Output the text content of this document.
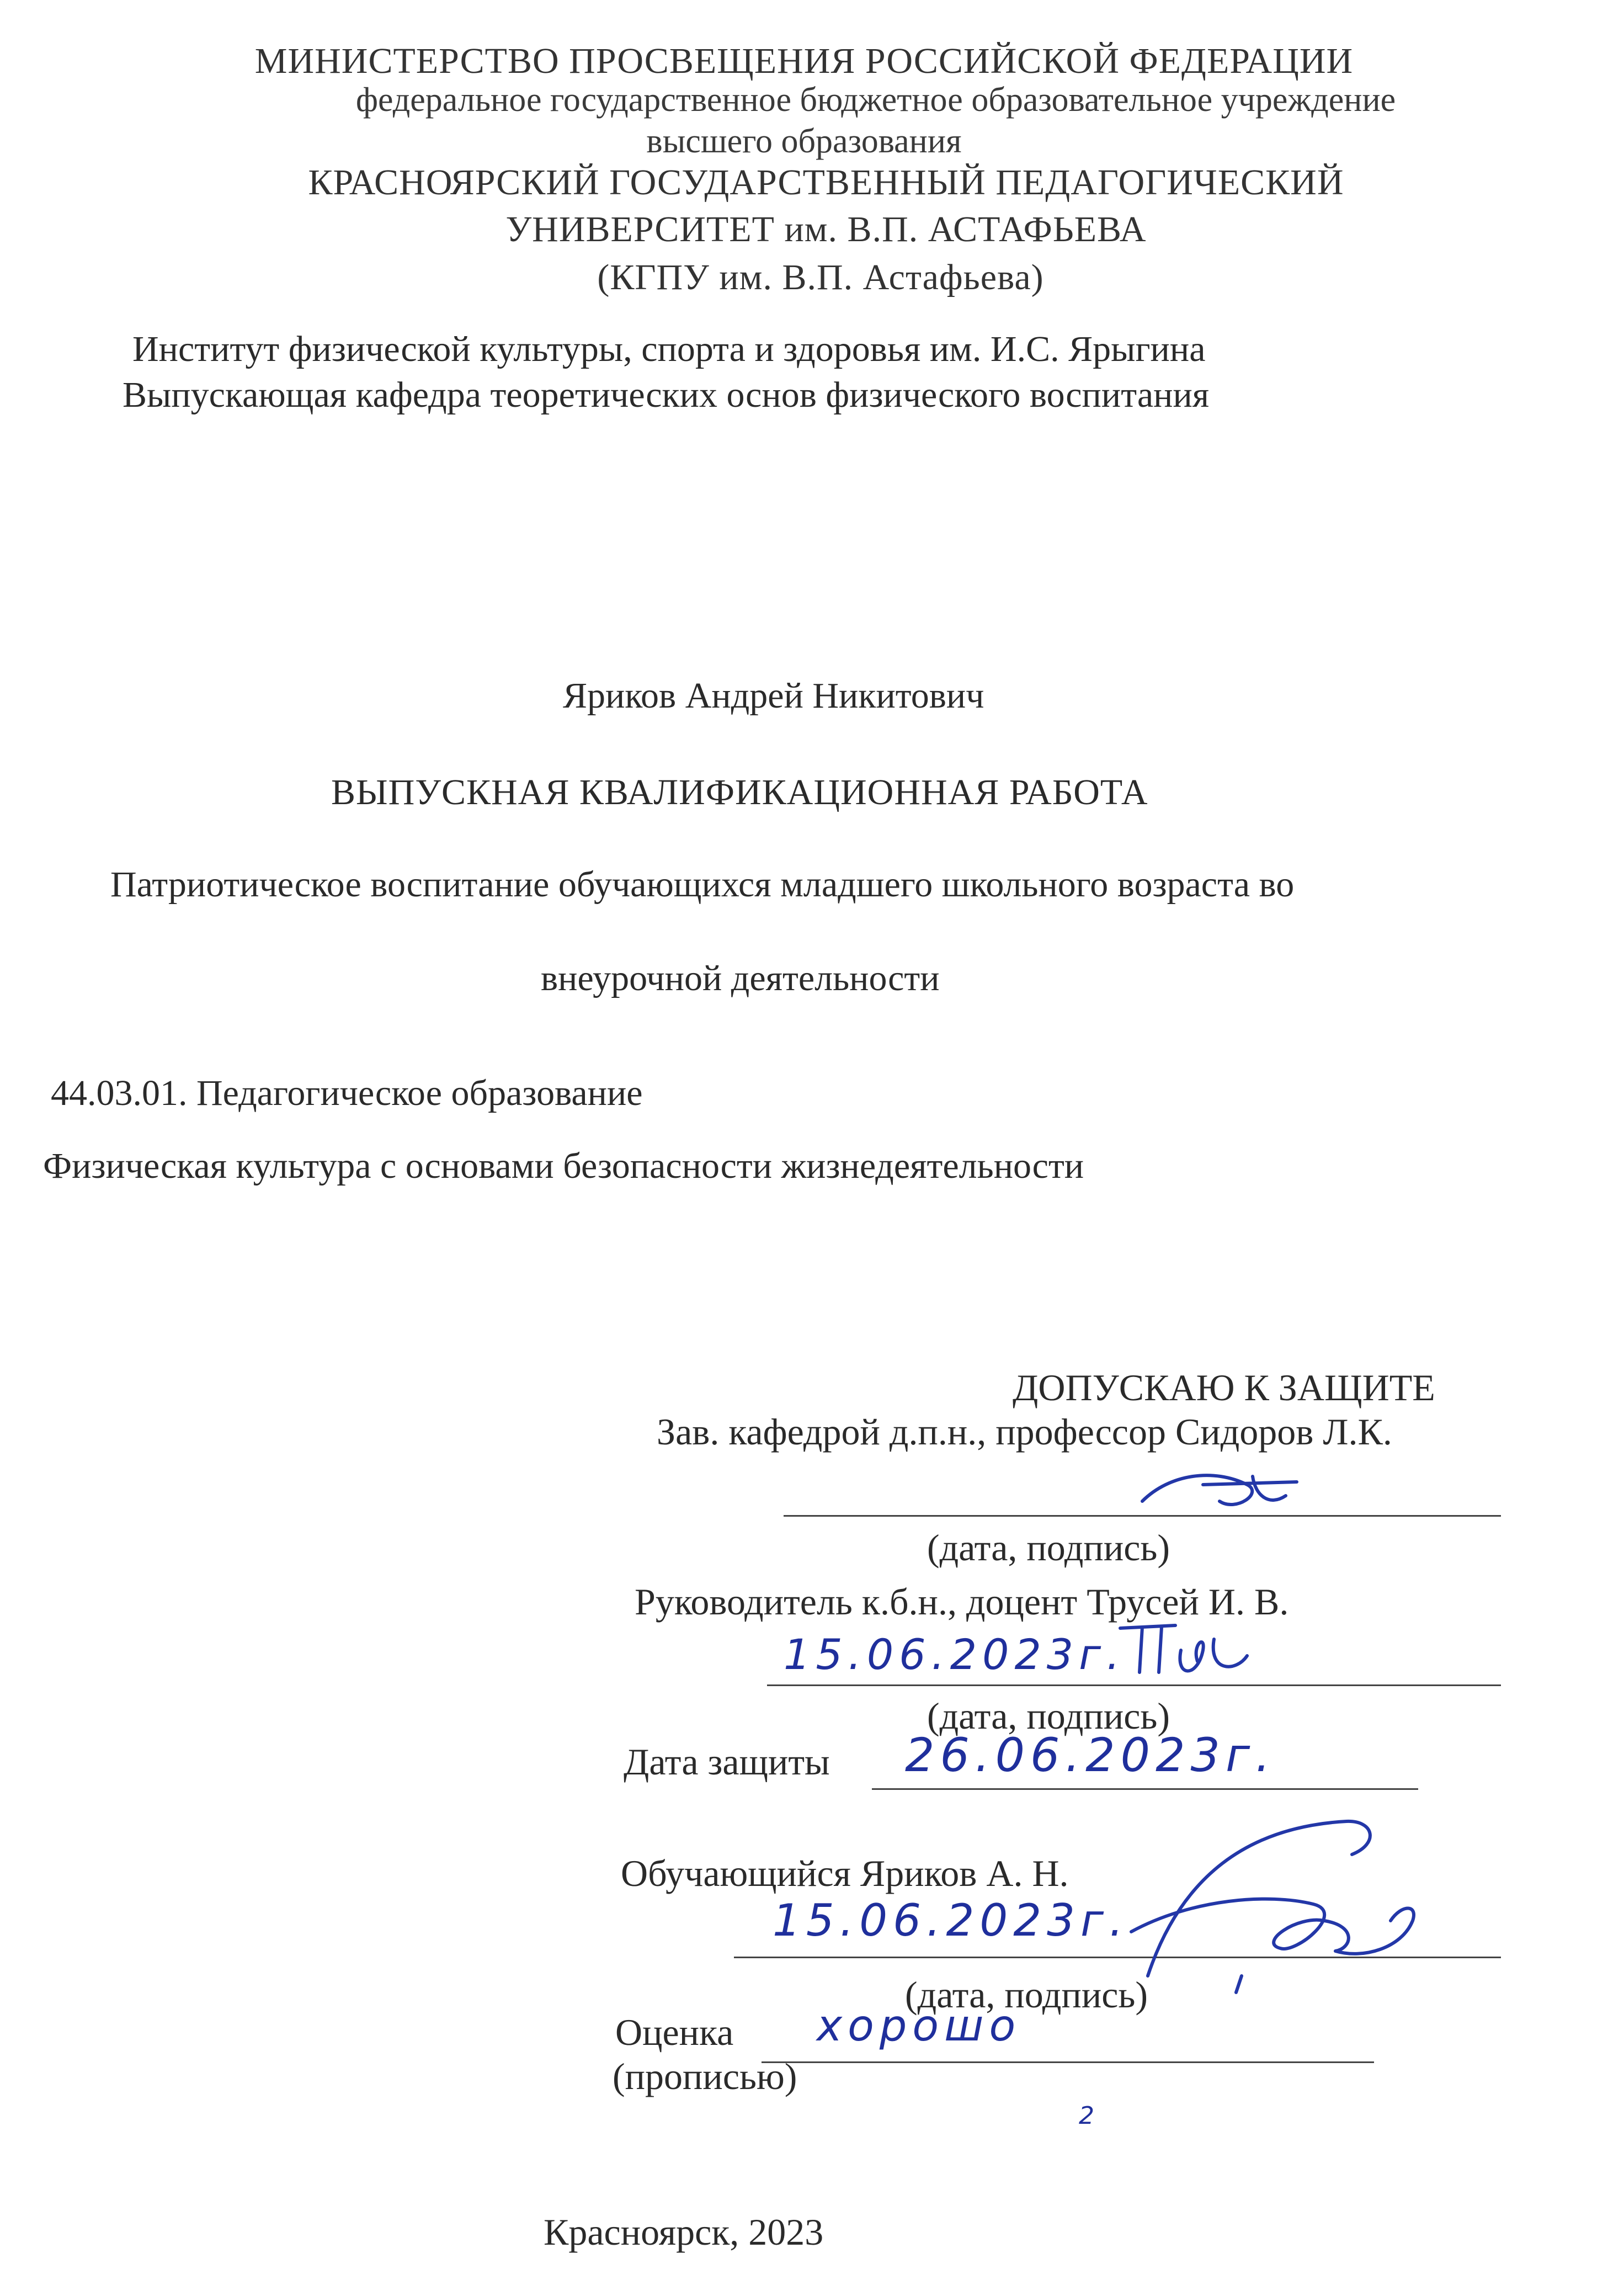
МИНИСТЕРСТВО ПРОСВЕЩЕНИЯ РОССИЙСКОЙ ФЕДЕРАЦИИ
федеральное государственное бюджетное образовательное учреждение
высшего образования
КРАСНОЯРСКИЙ ГОСУДАРСТВЕННЫЙ ПЕДАГОГИЧЕСКИЙ
УНИВЕРСИТЕТ им. В.П. АСТАФЬЕВА
(КГПУ им. В.П. Астафьева)
Институт физической культуры, спорта и здоровья им. И.С. Ярыгина
Выпускающая кафедра теоретических основ физического воспитания
Яриков Андрей Никитович
ВЫПУСКНАЯ КВАЛИФИКАЦИОННАЯ РАБОТА
Патриотическое воспитание обучающихся младшего школьного возраста во
внеурочной деятельности
44.03.01. Педагогическое образование
Физическая культура с основами безопасности жизнедеятельности
ДОПУСКАЮ К ЗАЩИТЕ
Зав. кафедрой д.п.н., профессор Сидоров Л.К.
(дата, подпись)
Руководитель к.б.н., доцент Трусей И. В.
15.06.2023г.
(дата, подпись)
Дата защиты 26.06.2023г.
Обучающийся Яриков А. Н.
15.06.2023г.
(дата, подпись)
Оценка хорошо
(прописью)
2
Красноярск, 2023
